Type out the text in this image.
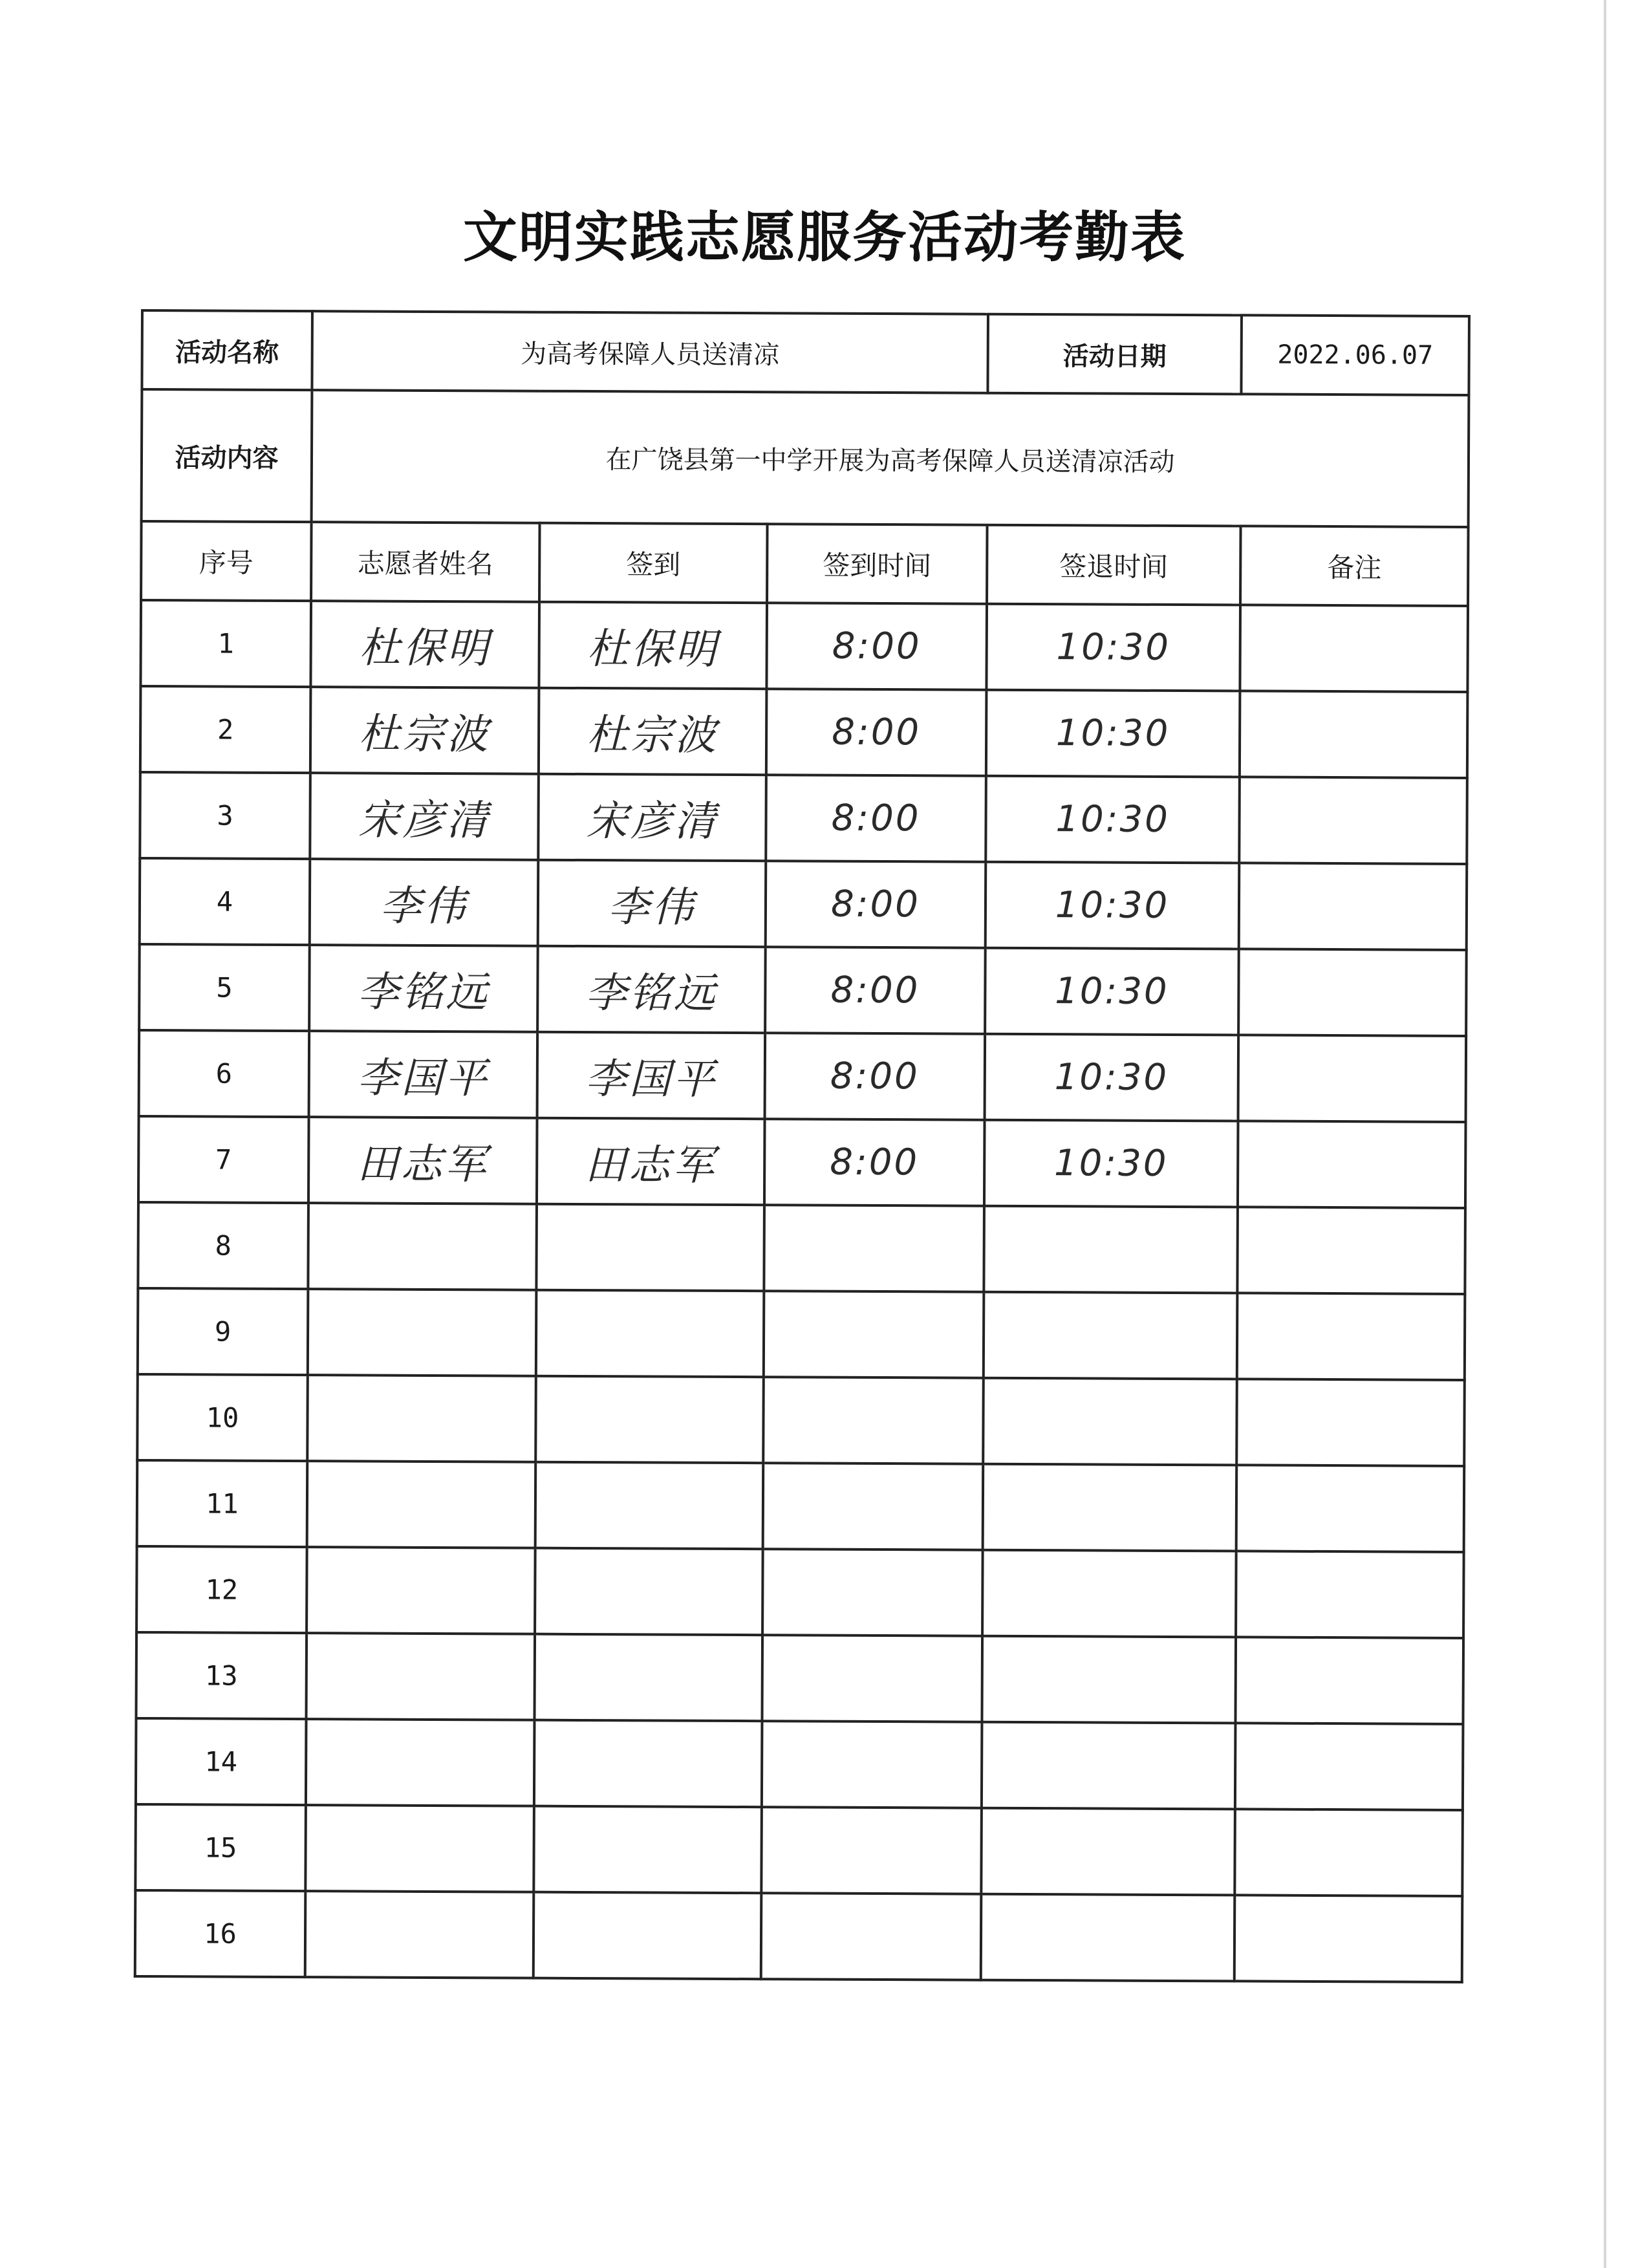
文明实践志愿服务活动考勤表
活动名称	为高考保障人员送清凉			活动日期	2022.06.07
活动内容	在广饶县第一中学开展为高考保障人员送清凉活动				
序号	志愿者姓名	签到	签到时间	签退时间	备注
1	杜保明	杜保明	8:00	10:30	
2	杜宗波	杜宗波	8:00	10:30	
3	宋彦清	宋彦清	8:00	10:30	
4	李伟	李伟	8:00	10:30	
5	李铭远	李铭远	8:00	10:30	
6	李国平	李国平	8:00	10:30	
7	田志军	田志军	8:00	10:30	
8					
9					
10					
11					
12					
13					
14					
15					
16					
